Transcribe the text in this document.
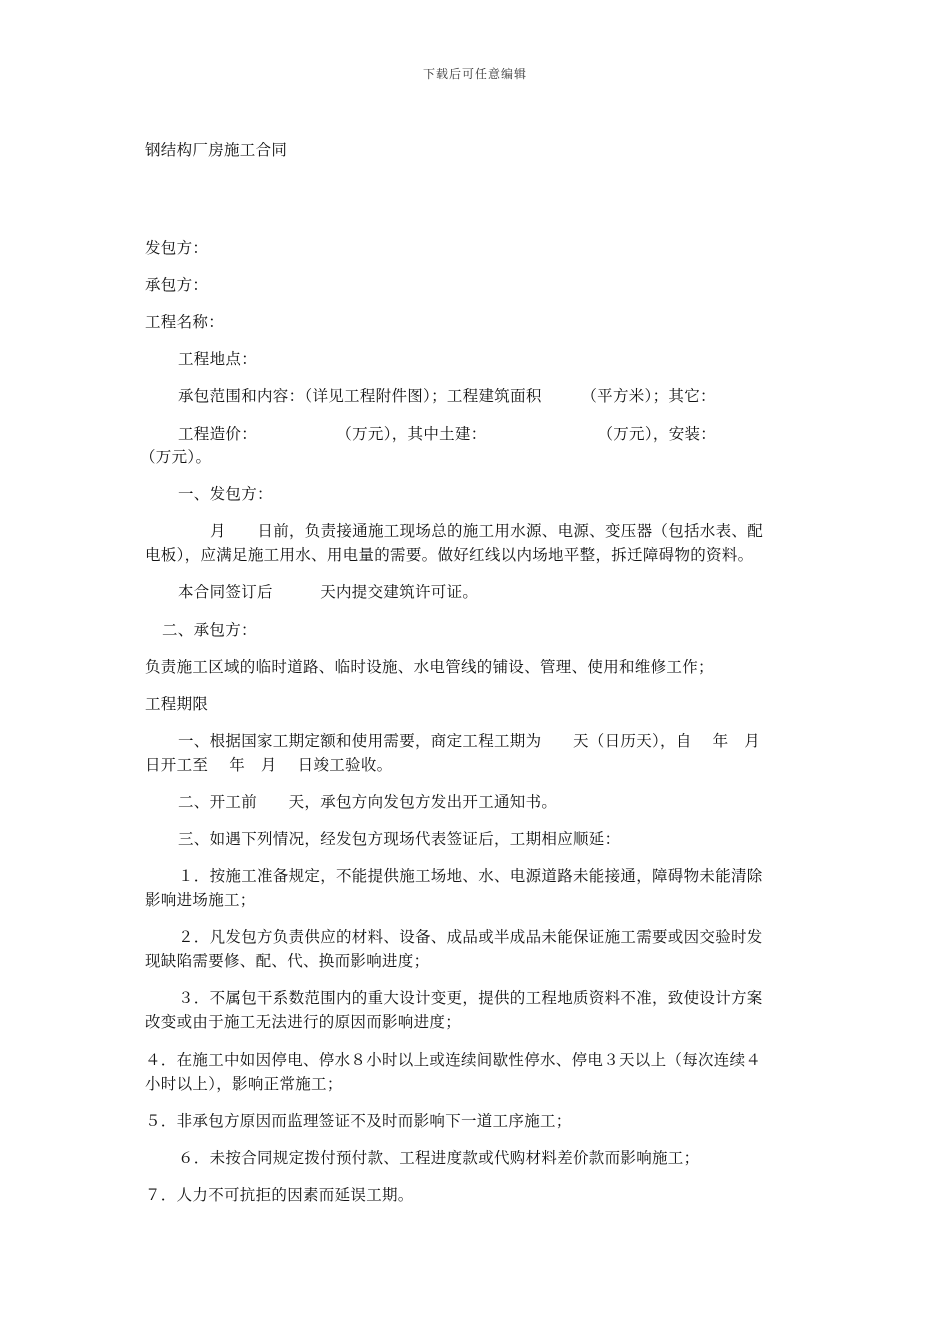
下载后可任意编辑
钢结构厂房施工合同
发包方：
承包方：
工程名称：
工程地点：
承包范围和内容：（详见工程附件图）；工程建筑面积　　　（平方米）；其它：
工程造价：　　　　　　（万元），其中土建：　　　　　　　　（万元），安装：
（万元）。
一、发包方：
月　　日前，负责接通施工现场总的施工用水源、电源、变压器（包括水表、配
电板），应满足施工用水、用电量的需要。做好红线以内场地平整，拆迁障碍物的资料。
本合同签订后　　　天内提交建筑许可证。
二、承包方：
负责施工区域的临时道路、临时设施、水电管线的铺设、管理、使用和维修工作；
工程期限
一、根据国家工期定额和使用需要，商定工程工期为　　天（日历天），自　 年　月
日开工至　 年　月　 日竣工验收。
二、开工前　　天，承包方向发包方发出开工通知书。
三、如遇下列情况，经发包方现场代表签证后，工期相应顺延：
１．按施工准备规定，不能提供施工场地、水、电源道路未能接通，障碍物未能清除
影响进场施工；
２．凡发包方负责供应的材料、设备、成品或半成品未能保证施工需要或因交验时发
现缺陷需要修、配、代、换而影响进度；
３．不属包干系数范围内的重大设计变更，提供的工程地质资料不准，致使设计方案
改变或由于施工无法进行的原因而影响进度；
４．在施工中如因停电、停水８小时以上或连续间歇性停水、停电３天以上（每次连续４
小时以上），影响正常施工；
５．非承包方原因而监理签证不及时而影响下一道工序施工；
６．未按合同规定拨付预付款、工程进度款或代购材料差价款而影响施工；
７．人力不可抗拒的因素而延误工期。
